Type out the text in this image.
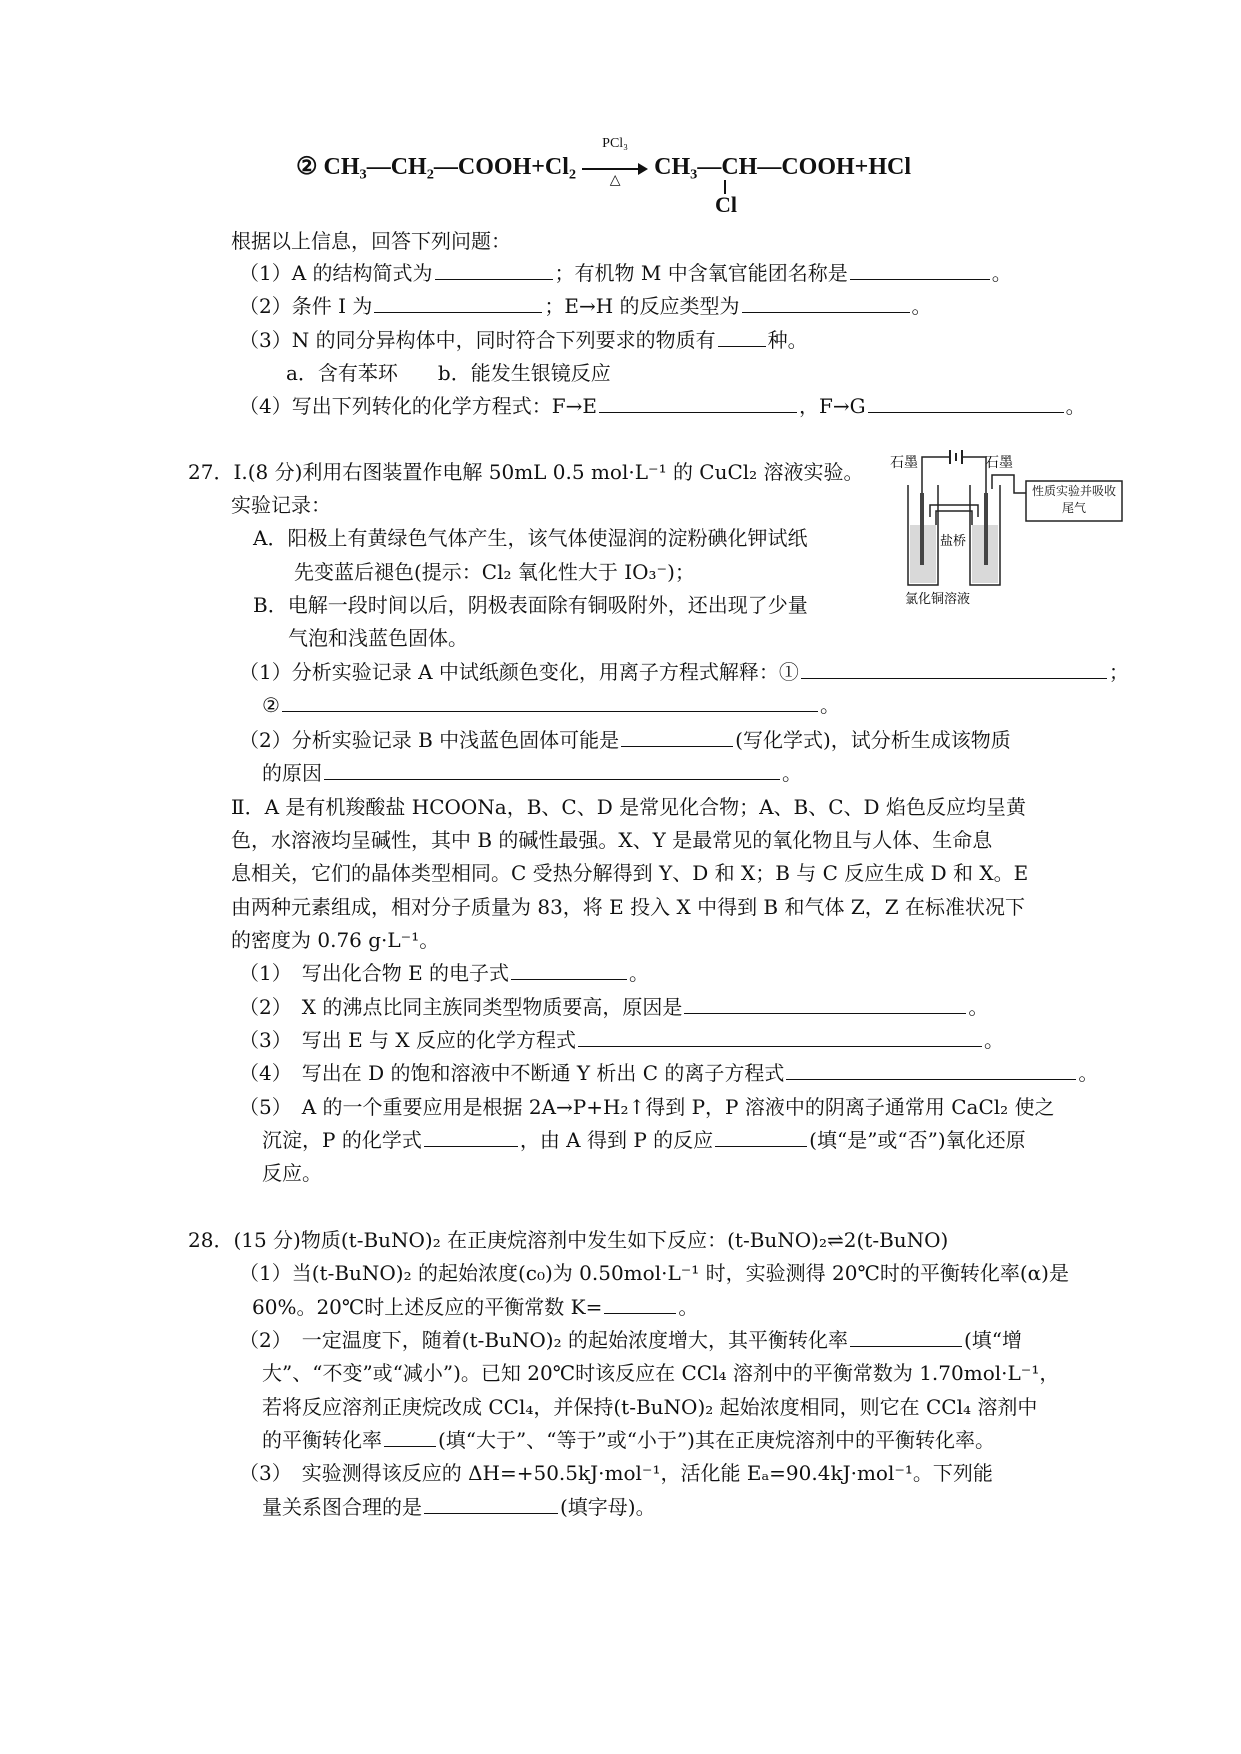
② CH₃—CH₂—COOH+Cl₂
PCl₃
△
CH₃—CH—COOH+HCl
Cl
根据以上信息，回答下列问题：
（1）A 的结构简式为	；有机物 M 中含氧官能团名称是	。
（2）条件 I 为	；E→H 的反应类型为	。
（3）N 的同分异构体中，同时符合下列要求的物质有	种。
a．含有苯环　　b．能发生银镜反应
（4）写出下列转化的化学方程式：F→E	，F→G	。
27．Ⅰ.(8 分)利用右图装置作电解 50mL 0.5 mol·L⁻¹ 的 CuCl₂ 溶液实验。
实验记录：
A．阳极上有黄绿色气体产生，该气体使湿润的淀粉碘化钾试纸
先变蓝后褪色(提示：Cl₂ 氧化性大于 IO₃⁻)；
B．电解一段时间以后，阴极表面除有铜吸附外，还出现了少量
气泡和浅蓝色固体。
石墨	石墨
盐桥
性质实验并吸收尾气
氯化铜溶液
（1）分析实验记录 A 中试纸颜色变化，用离子方程式解释：①	；
②	。
（2）分析实验记录 B 中浅蓝色固体可能是	(写化学式)，试分析生成该物质
的原因	。
Ⅱ．A 是有机羧酸盐 HCOONa，B、C、D 是常见化合物；A、B、C、D 焰色反应均呈黄
色，水溶液均呈碱性，其中 B 的碱性最强。X、Y 是最常见的氧化物且与人体、生命息
息相关，它们的晶体类型相同。C 受热分解得到 Y、D 和 X；B 与 C 反应生成 D 和 X。E
由两种元素组成，相对分子质量为 83，将 E 投入 X 中得到 B 和气体 Z，Z 在标准状况下
的密度为 0.76 g·L⁻¹。
（1）　写出化合物 E 的电子式	。
（2）　X 的沸点比同主族同类型物质要高，原因是	。
（3）　写出 E 与 X 反应的化学方程式	。
（4）　写出在 D 的饱和溶液中不断通 Y 析出 C 的离子方程式	。
（5）　A 的一个重要应用是根据 2A→P+H₂↑得到 P，P 溶液中的阴离子通常用 CaCl₂ 使之
沉淀，P 的化学式	，由 A 得到 P 的反应	(填“是”或“否”)氧化还原
反应。
28．(15 分)物质(t-BuNO)₂ 在正庚烷溶剂中发生如下反应：(t-BuNO)₂⇌2(t-BuNO)
（1）当(t-BuNO)₂ 的起始浓度(c₀)为 0.50mol·L⁻¹ 时，实验测得 20℃时的平衡转化率(α)是
60%。20℃时上述反应的平衡常数 K=	。
（2）　一定温度下，随着(t-BuNO)₂ 的起始浓度增大，其平衡转化率	(填“增
大”、“不变”或“减小”)。已知 20℃时该反应在 CCl₄ 溶剂中的平衡常数为 1.70mol·L⁻¹，
若将反应溶剂正庚烷改成 CCl₄，并保持(t-BuNO)₂ 起始浓度相同，则它在 CCl₄ 溶剂中
的平衡转化率	(填“大于”、“等于”或“小于”)其在正庚烷溶剂中的平衡转化率。
（3）　实验测得该反应的 ΔH=+50.5kJ·mol⁻¹，活化能 Eₐ=90.4kJ·mol⁻¹。下列能
量关系图合理的是	(填字母)。
